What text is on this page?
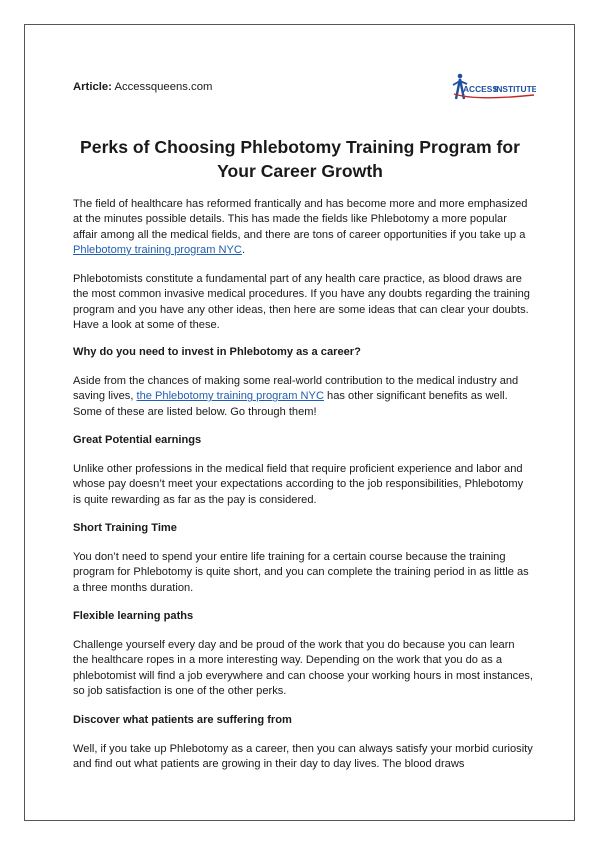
Article: Accessqueens.com	ACCESS
INSTITUTE
Perks of Choosing Phlebotomy Training Program for
Your Career Growth

The field of healthcare has reformed frantically and has become more and more emphasized at the minutes possible details. This has made the fields like Phlebotomy a more popular affair among all the medical fields, and there are tons of career opportunities if you take up a Phlebotomy training program NYC.

Phlebotomists constitute a fundamental part of any health care practice, as blood draws are the most common invasive medical procedures. If you have any doubts regarding the training program and you have any other ideas, then here are some ideas that can clear your doubts. Have a look at some of these.

Why do you need to invest in Phlebotomy as a career?

Aside from the chances of making some real-world contribution to the medical industry and saving lives, the Phlebotomy training program NYC has other significant benefits as well. Some of these are listed below. Go through them!

Great Potential earnings

Unlike other professions in the medical field that require proficient experience and labor and whose pay doesn’t meet your expectations according to the job responsibilities, Phlebotomy is quite rewarding as far as the pay is considered.

Short Training Time

You don’t need to spend your entire life training for a certain course because the training program for Phlebotomy is quite short, and you can complete the training period in as little as a three months duration.

Flexible learning paths

Challenge yourself every day and be proud of the work that you do because you can learn the healthcare ropes in a more interesting way. Depending on the work that you do as a phlebotomist will find a job everywhere and can choose your working hours in most instances, so job satisfaction is one of the other perks.

Discover what patients are suffering from

Well, if you take up Phlebotomy as a career, then you can always satisfy your morbid curiosity and find out what patients are growing in their day to day lives. The blood draws
